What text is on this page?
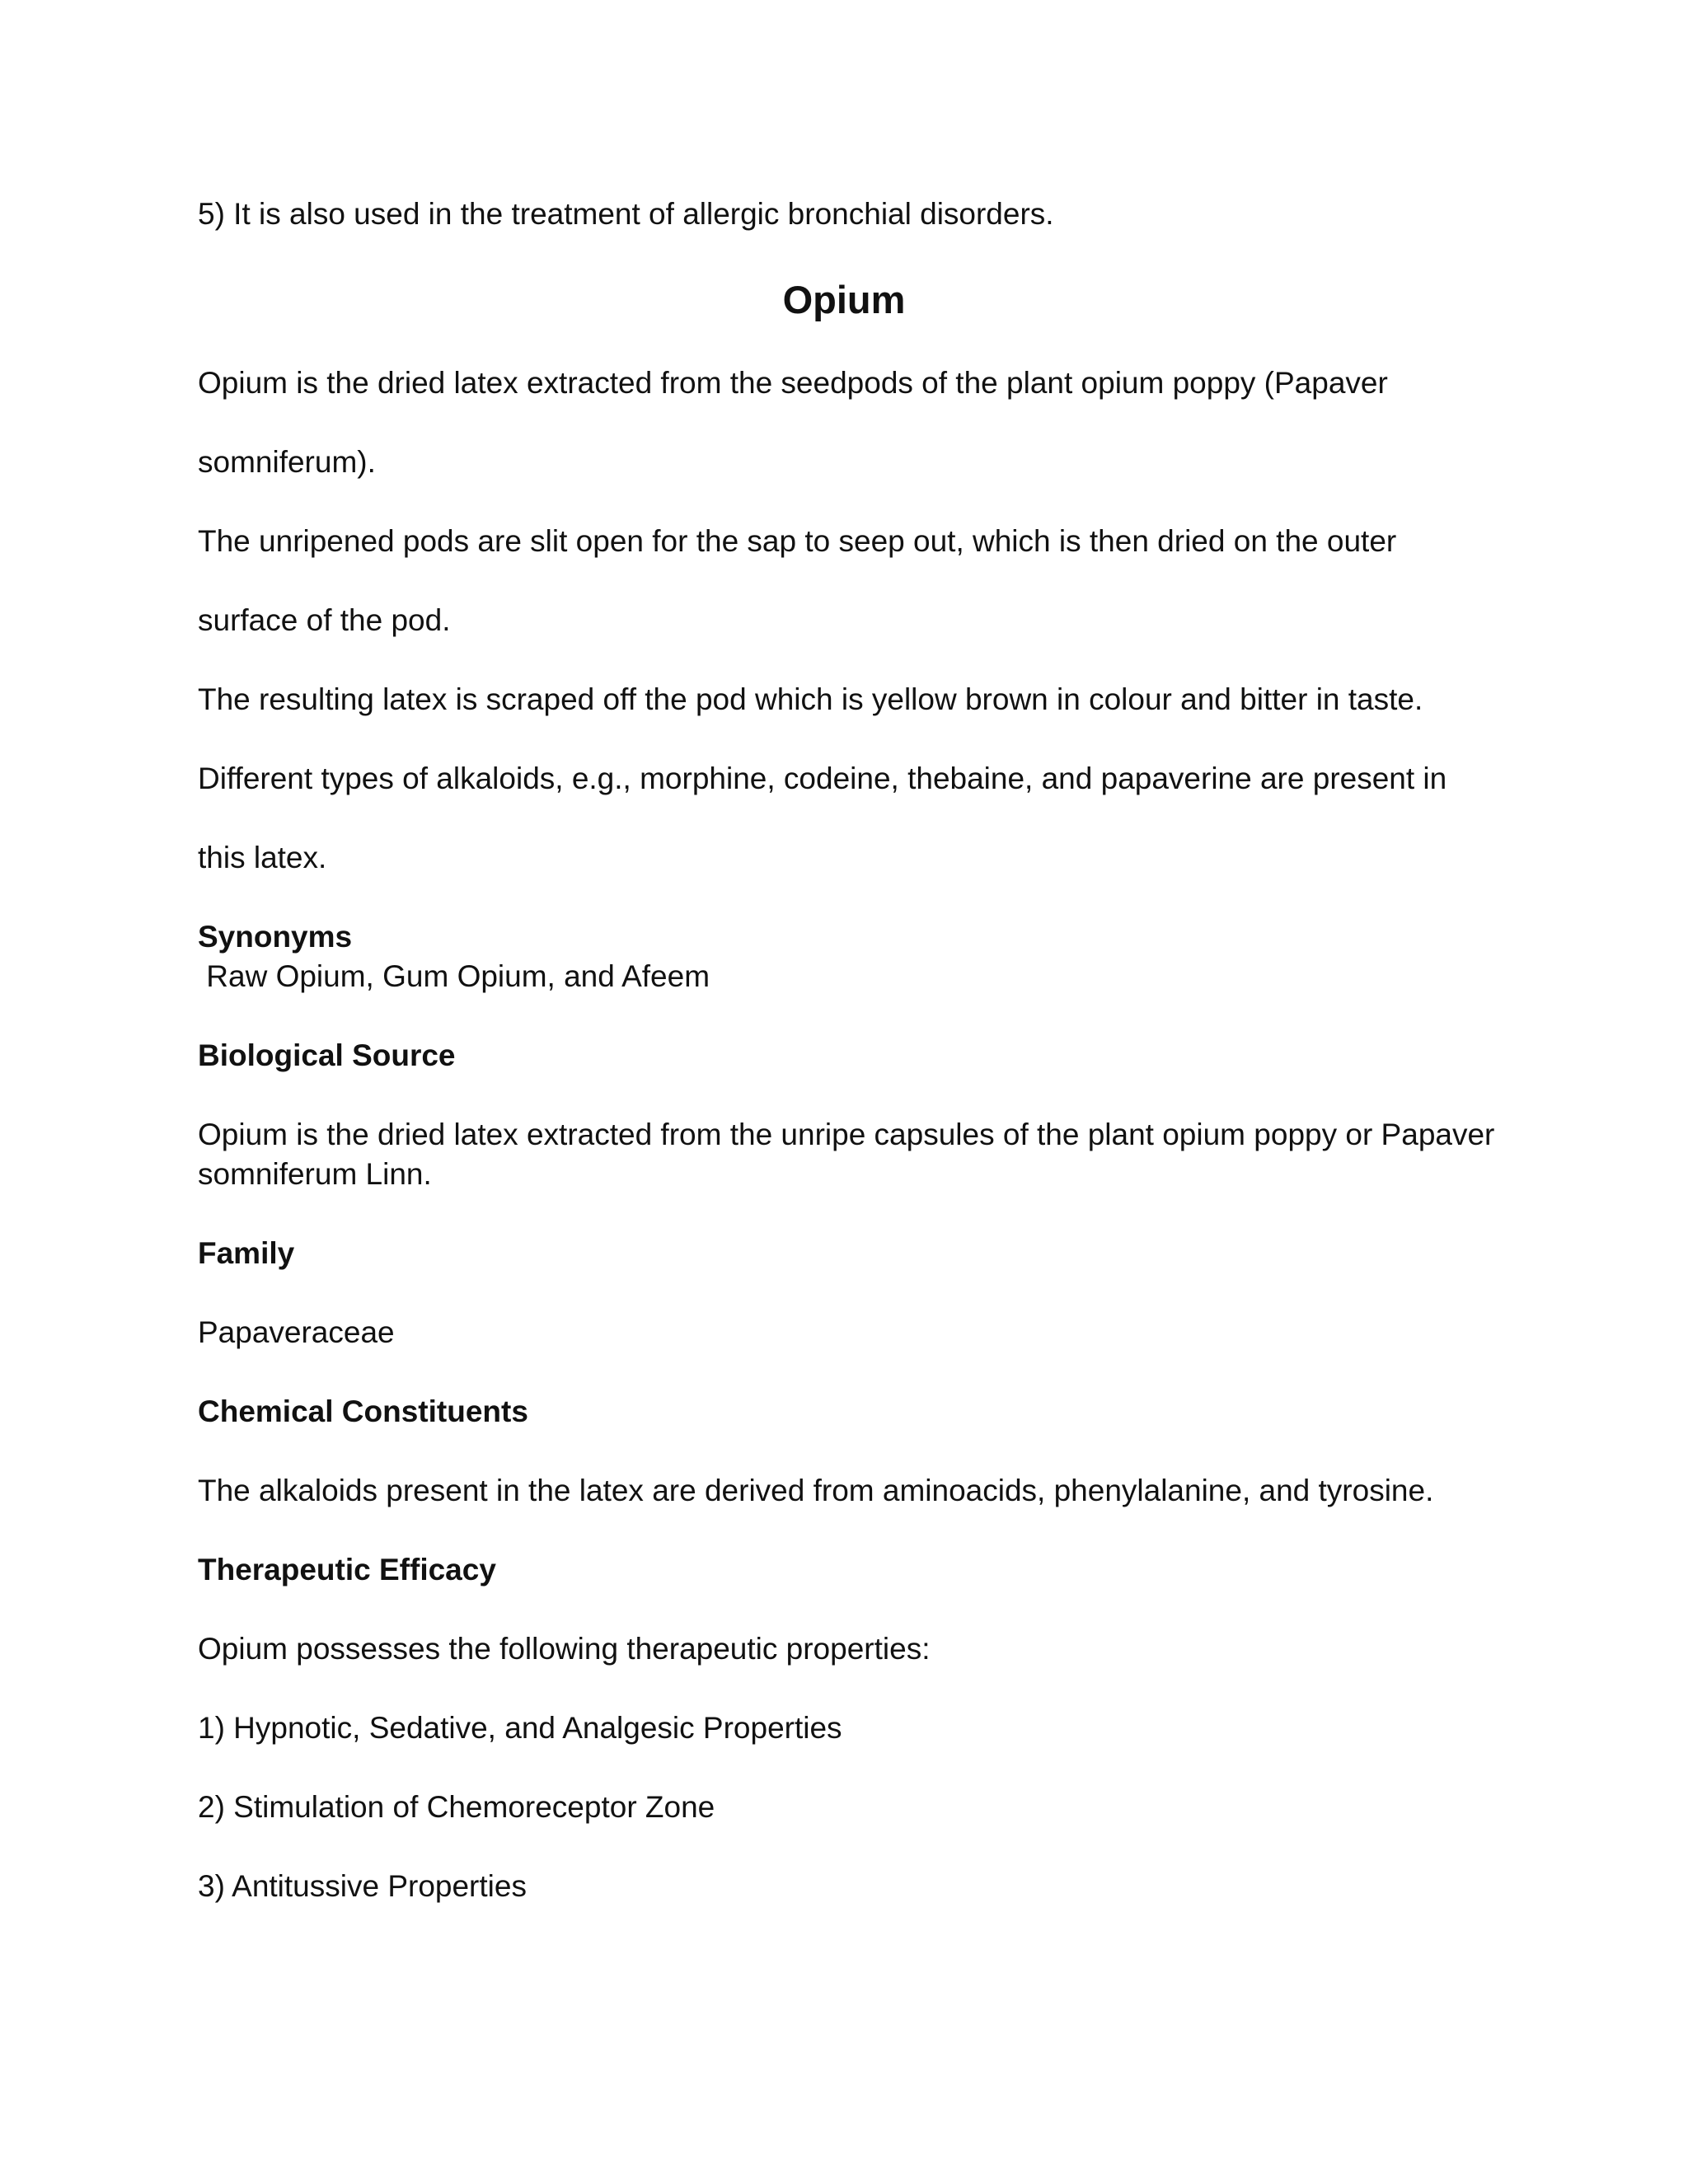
5) It is also used in the treatment of allergic bronchial disorders.

Opium

Opium is the dried latex extracted from the seedpods of the plant opium poppy (Papaver

somniferum).

The unripened pods are slit open for the sap to seep out, which is then dried on the outer

surface of the pod.

The resulting latex is scraped off the pod which is yellow brown in colour and bitter in taste.

Different types of alkaloids, e.g., morphine, codeine, thebaine, and papaverine are present in

this latex.

Synonyms

Raw Opium, Gum Opium, and Afeem

Biological Source

Opium is the dried latex extracted from the unripe capsules of the plant opium poppy or Papaver

somniferum Linn.

Family

Papaveraceae

Chemical Constituents

The alkaloids present in the latex are derived from aminoacids, phenylalanine, and tyrosine.

Therapeutic Efficacy

Opium possesses the following therapeutic properties:

1) Hypnotic, Sedative, and Analgesic Properties

2) Stimulation of Chemoreceptor Zone

3) Antitussive Properties
